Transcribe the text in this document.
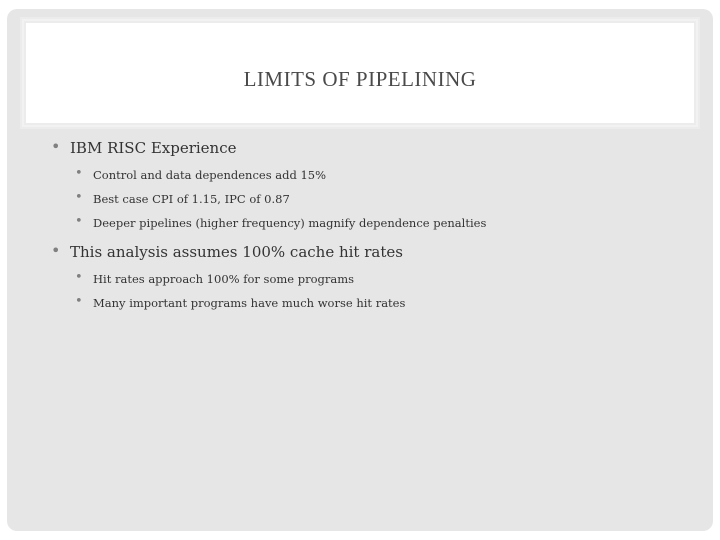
LIMITS OF PIPELINING
• IBM RISC Experience
• Control and data dependences add 15%
• Best case CPI of 1.15, IPC of 0.87
• Deeper pipelines (higher frequency) magnify dependence penalties
• This analysis assumes 100% cache hit rates
• Hit rates approach 100% for some programs
• Many important programs have much worse hit rates
